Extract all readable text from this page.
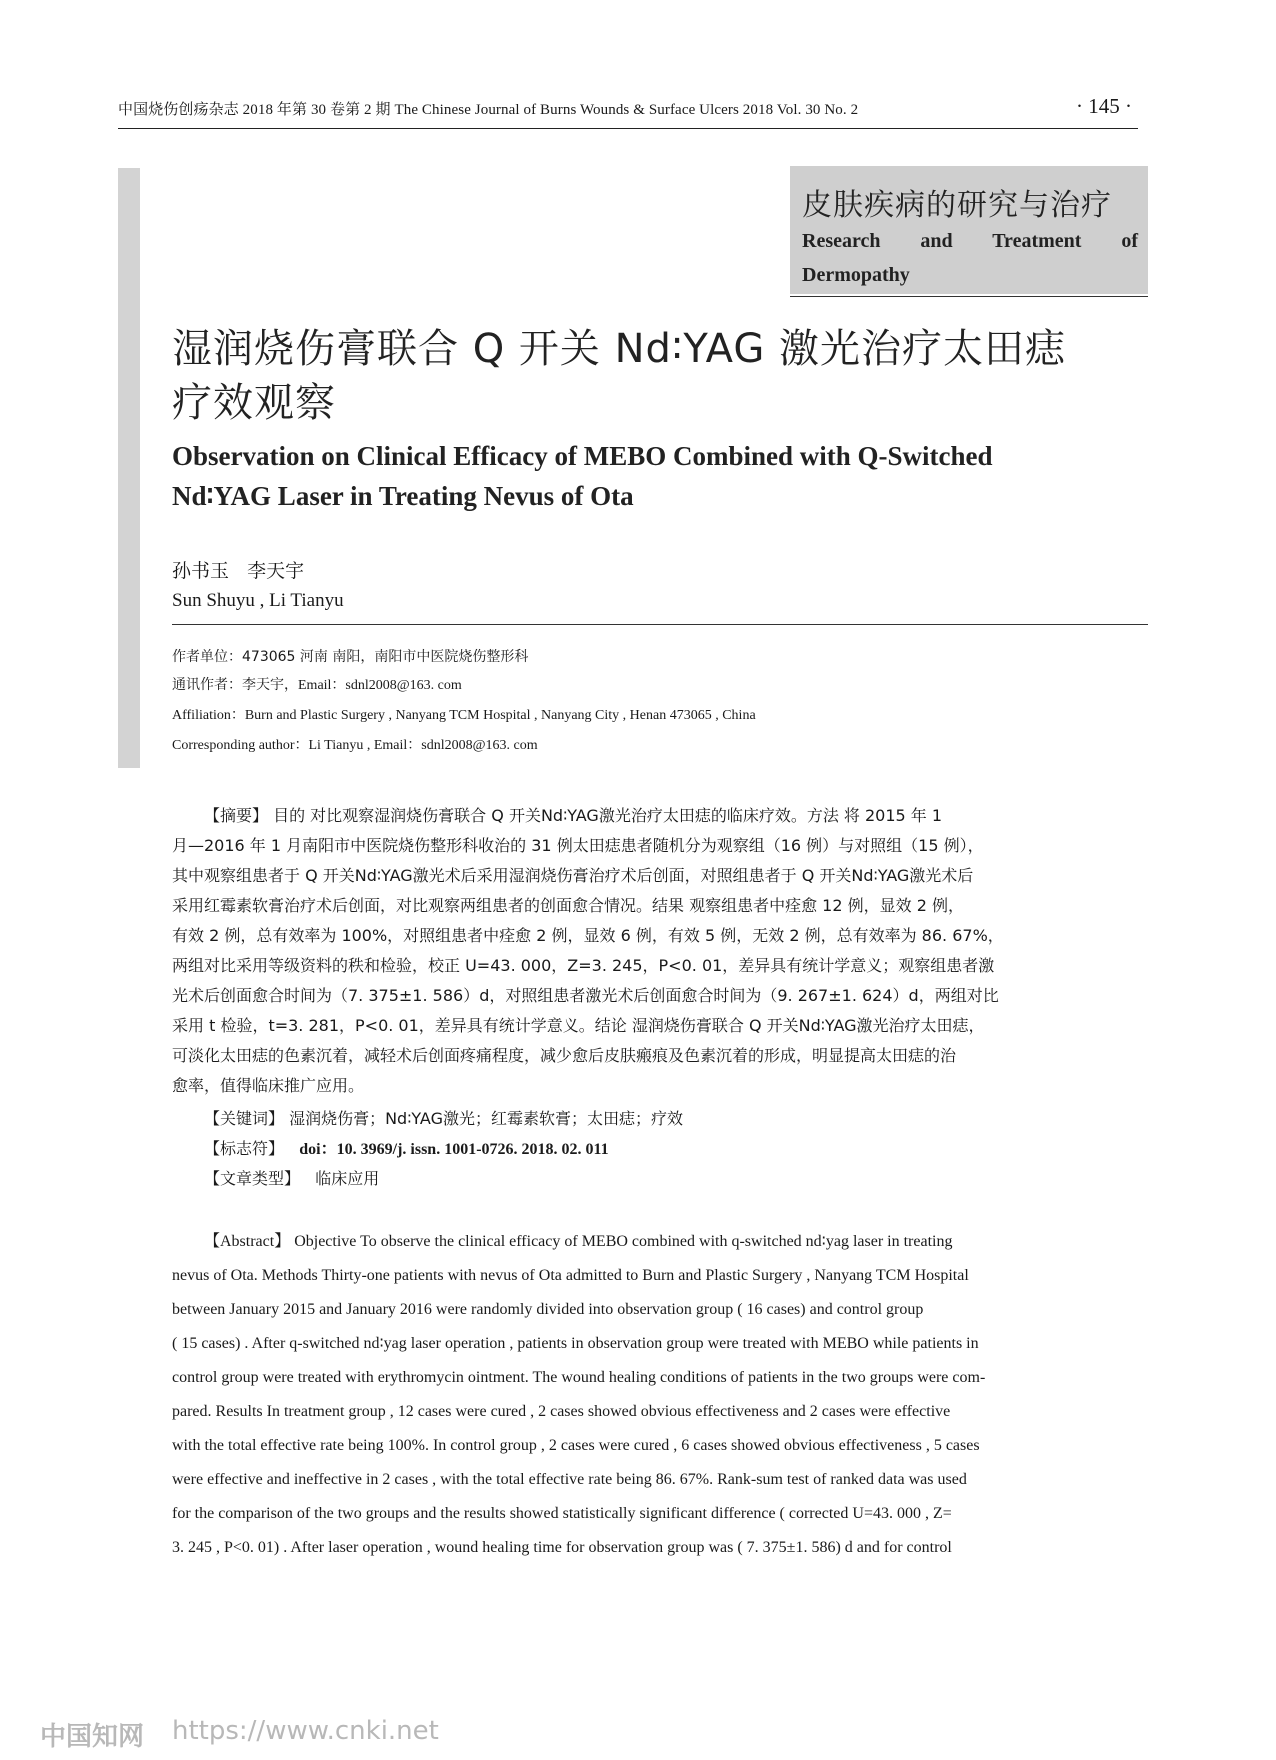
中国烧伤创疡杂志 2018 年第 30 卷第 2 期 The Chinese Journal of Burns Wounds & Surface Ulcers 2018 Vol. 30 No. 2	· 145 ·
皮肤疾病的研究与治疗
Research and Treatment of Dermopathy
湿润烧伤膏联合 Q 开关 Nd∶YAG 激光治疗太田痣
疗效观察
Observation on Clinical Efficacy of MEBO Combined with Q-Switched
Nd∶YAG Laser in Treating Nevus of Ota
孙书玉   李天宇
Sun Shuyu , Li Tianyu
作者单位：473065 河南 南阳，南阳市中医院烧伤整形科
通讯作者：李天宇，Email：sdnl2008@163. com
Affiliation：Burn and Plastic Surgery , Nanyang TCM Hospital , Nanyang City , Henan 473065 , China
Corresponding author：Li Tianyu , Email：sdnl2008@163. com
【摘要】 目的 对比观察湿润烧伤膏联合 Q 开关Nd∶YAG激光治疗太田痣的临床疗效。方法 将 2015 年 1
月—2016 年 1 月南阳市中医院烧伤整形科收治的 31 例太田痣患者随机分为观察组（16 例）与对照组（15 例），
其中观察组患者于 Q 开关Nd∶YAG激光术后采用湿润烧伤膏治疗术后创面，对照组患者于 Q 开关Nd∶YAG激光术后
采用红霉素软膏治疗术后创面，对比观察两组患者的创面愈合情况。结果 观察组患者中痊愈 12 例，显效 2 例，
有效 2 例，总有效率为 100%，对照组患者中痊愈 2 例，显效 6 例，有效 5 例，无效 2 例，总有效率为 86. 67%，
两组对比采用等级资料的秩和检验，校正 U=43. 000，Z=3. 245，P<0. 01，差异具有统计学意义；观察组患者激
光术后创面愈合时间为（7. 375±1. 586）d，对照组患者激光术后创面愈合时间为（9. 267±1. 624）d，两组对比
采用 t 检验，t=3. 281，P<0. 01，差异具有统计学意义。结论 湿润烧伤膏联合 Q 开关Nd∶YAG激光治疗太田痣，
可淡化太田痣的色素沉着，减轻术后创面疼痛程度，减少愈后皮肤瘢痕及色素沉着的形成，明显提高太田痣的治
愈率，值得临床推广应用。
【关键词】 湿润烧伤膏；Nd∶YAG激光；红霉素软膏；太田痣；疗效
【标志符】 doi：10. 3969/j. issn. 1001-0726. 2018. 02. 011
【文章类型】 临床应用
【Abstract】 Objective To observe the clinical efficacy of MEBO combined with q-switched nd∶yag laser in treating
nevus of Ota. Methods Thirty-one patients with nevus of Ota admitted to Burn and Plastic Surgery , Nanyang TCM Hospital
between January 2015 and January 2016 were randomly divided into observation group ( 16 cases) and control group
( 15 cases) . After q-switched nd∶yag laser operation , patients in observation group were treated with MEBO while patients in
control group were treated with erythromycin ointment. The wound healing conditions of patients in the two groups were com-
pared. Results In treatment group , 12 cases were cured , 2 cases showed obvious effectiveness and 2 cases were effective
with the total effective rate being 100%. In control group , 2 cases were cured , 6 cases showed obvious effectiveness , 5 cases
were effective and ineffective in 2 cases , with the total effective rate being 86. 67%. Rank-sum test of ranked data was used
for the comparison of the two groups and the results showed statistically significant difference ( corrected U=43. 000 , Z=
3. 245 , P<0. 01) . After laser operation , wound healing time for observation group was ( 7. 375±1. 586) d and for control
中国知网 https://www.cnki.net
